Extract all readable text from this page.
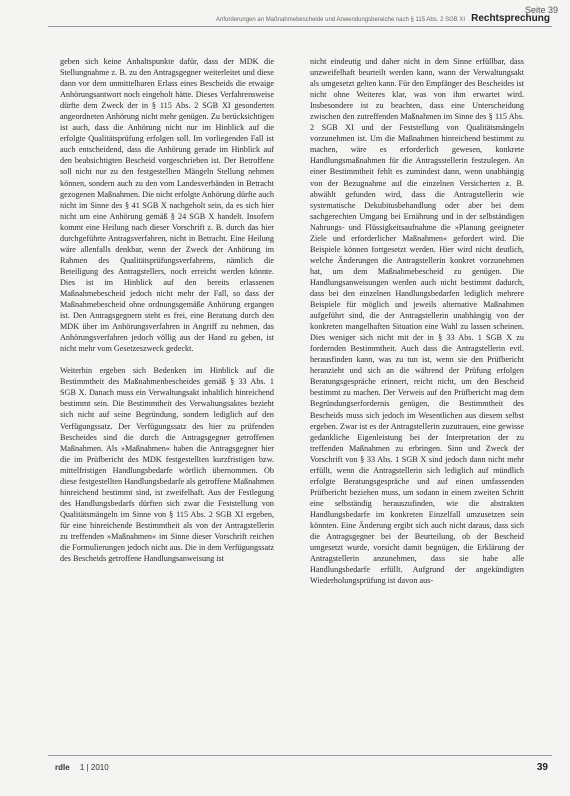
Seite 39
Anforderungen an Maßnahmebescheide und Anwendungsbereiche nach § 115 Abs. 2 SGB XI Rechtsprechung

geben sich keine Anhaltspunkte dafür, dass der MDK die Stellungnahme z. B. zu den Antragsgegner weiterleitet und diese dann vor dem unmittelbaren Erlass eines Bescheids die etwaige Anhörungsantwort noch eingeholt hätte. Dieses Verfahrensweise dürfte dem Zweck der in § 115 Abs. 2 SGB XI gesonderten angeordneten Anhörung nicht mehr genügen. Zu berücksichtigen ist auch, dass die Anhörung nicht nur im Hinblick auf die erfolgte Qualitätsprüfung erfolgen soll. Im vorliegenden Fall ist auch entscheidend, dass die Anhörung gerade im Hinblick auf den beabsichtigten Bescheid vorgeschrieben ist. Der Betroffene soll nicht nur zu den festgestellten Mängeln Stellung nehmen können, sondern auch zu den vom Landesverbänden in Betracht gezogenen Maßnahmen. Die nicht erfolgte Anhörung dürfte auch nicht im Sinne des § 41 SGB X nachgeholt sein, da es sich hier nicht um eine Anhörung gemäß § 24 SGB X handelt. Insofern kommt eine Heilung nach dieser Vorschrift z. B. durch das hier durchgeführte Antragsverfahren, nicht in Betracht. Eine Heilung wäre allenfalls denkbar, wenn der Zweck der Anhörung im Rahmen des Qualitätsprüfungsverfahrens, nämlich die Beteiligung des Antragstellers, noch erreicht werden könnte. Dies ist im Hinblick auf den bereits erlassenen Maßnahmebescheid jedoch nicht mehr der Fall, so dass der Maßnahmebescheid ohne ordnungsgemäße Anhörung ergangen ist. Den Antragsgegnern steht es frei, eine Beratung durch den MDK über im Anhörungsverfahren in Angriff zu nehmen, das Anhörungsverfahren jedoch völlig aus der Hand zu geben, ist nicht mehr vom Gesetzeszweck gedeckt.

Weiterhin ergeben sich Bedenken im Hinblick auf die Bestimmtheit des Maßnahmenbescheides gemäß § 33 Abs. 1 SGB X. Danach muss ein Verwaltungsakt inhaltlich hinreichend bestimmt sein. Die Bestimmtheit des Verwaltungsaktes bezieht sich nicht auf seine Begründung, sondern lediglich auf den Verfügungssatz. Der Verfügungssatz des hier zu prüfenden Bescheides sind die durch die Antragsgegner getroffenen Maßnahmen. Als »Maßnahmen« haben die Antragsgegner hier die im Prüfbericht des MDK festgestellten kurzfristigen bzw. mittelfristigen Handlungsbedarfe wörtlich übernommen. Ob diese festgestellten Handlungsbedarfe als getroffene Maßnahmen hinreichend bestimmt sind, ist zweifelhaft. Aus der Festlegung des Handlungsbedarfs dürften sich zwar die Feststellung von Qualitätsmängeln im Sinne von § 115 Abs. 2 SGB XI ergeben, für eine hinreichende Bestimmtheit als von der Antragstellerin zu treffenden »Maßnahmen« im Sinne dieser Vorschrift reichen die Formulierungen jedoch nicht aus. Die in dem Verfügungssatz des Bescheids getroffene Handlungsanweisung ist

nicht eindeutig und daher nicht in dem Sinne erfüllbar, dass unzweifelhaft beurteilt werden kann, wann der Verwaltungsakt als umgesetzt gelten kann. Für den Empfänger des Bescheides ist nicht ohne Weiteres klar, was von ihm erwartet wird. Insbesondere ist zu beachten, dass eine Unterscheidung zwischen den zutreffenden Maßnahmen im Sinne des § 115 Abs. 2 SGB XI und der Feststellung von Qualitätsmängeln vorzunehmen ist. Um die Maßnahmen hinreichend bestimmt zu machen, wäre es erforderlich gewesen, konkrete Handlungsmaßnahmen für die Antragsstellerin festzulegen. An einer Bestimmtheit fehlt es zumindest dann, wenn unabhängig von der Bezugnahme auf die einzelnen Versicherten z. B. abwählt gefunden wird, dass die Antragstellerin wie systematische Dekubitusbehandlung oder aber bei dem sachgerechten Umgang bei Ernährung und in der selbständigen Nahrungs- und Flüssigkeitsaufnahme die »Planung geeigneter Ziele und erforderlicher Maßnahmen« gefordert wird. Die Beispiele können fortgesetzt werden. Hier wird nicht deutlich, welche Änderungen die Antragstellerin konkret vorzunehmen hat, um dem Maßnahmebescheid zu genügen. Die Handlungsanweisungen werden auch nicht bestimmt dadurch, dass bei den einzelnen Handlungsbedarfen lediglich mehrere Beispiele für möglich und jeweils alternative Maßnahmen aufgeführt sind, die der Antragstellerin unabhängig von der konkreten mangelhaften Situation eine Wahl zu lassen scheinen. Dies weniger sich nicht mit der in § 33 Abs. 1 SGB X zu fordernden Bestimmtheit. Auch dass die Antragstellerin evtl. herausfinden kann, was zu tun ist, wenn sie den Prüfbericht heranzieht und sich an die während der Prüfung erfolgen Beratungsgespräche erinnert, reicht nicht, um den Bescheid bestimmt zu machen. Der Verweis auf den Prüfbericht mag dem Begründungserfordernis genügen, die Bestimmtheit des Bescheids muss sich jedoch im Wesentlichen aus diesem selbst ergeben. Zwar ist es der Antragstellerin zuzutrauen, eine gewisse gedankliche Eigenleistung bei der Interpretation der zu treffenden Maßnahmen zu erbringen. Sinn und Zweck der Vorschrift von § 33 Abs. 1 SGB X sind jedoch dann nicht mehr erfüllt, wenn die Antragstellerin sich lediglich auf mündlich erfolgte Beratungsgespräche und auf einen umfassenden Prüfbericht beziehen muss, um sodann in einem zweiten Schritt eine selbständig herauszufinden, wie die abstrakten Handlungsbedarfe im konkreten Einzelfall umzusetzen sein könnten. Eine Änderung ergibt sich auch nicht daraus, dass sich die Antragsgegner bei der Beurteilung, ob der Bescheid umgesetzt wurde, vorsicht damit begnügen, die Erklärung der Antragstellerin anzunehmen, dass sie habe alle Handlungsbedarfe erfüllt. Aufgrund der angekündigten Wiederholungsprüfung ist davon aus-

rdle 1 | 2010	39
